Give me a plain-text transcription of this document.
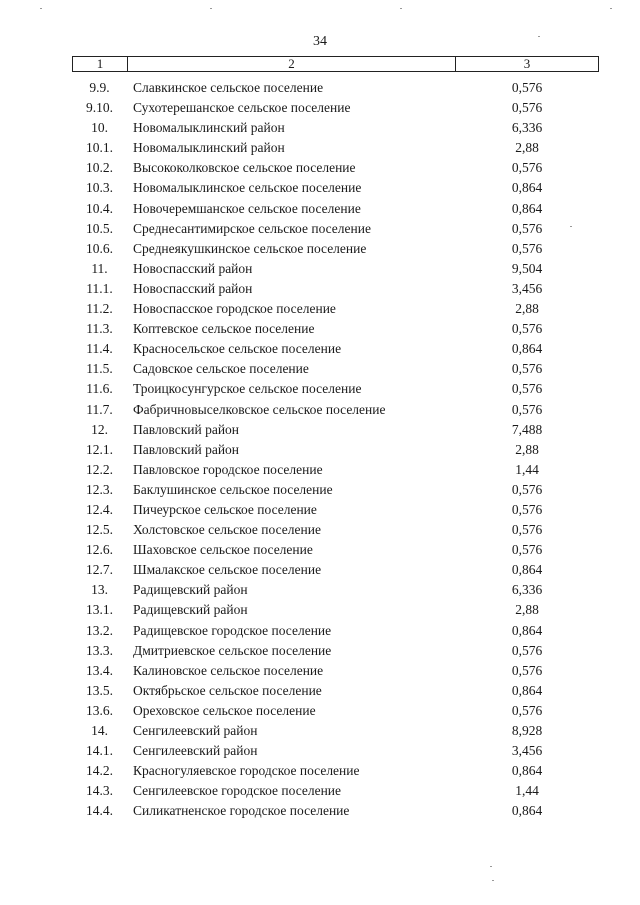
34
1	2	3
9.9.	Славкинское сельское поселение	0,576
9.10.	Сухотерешанское сельское поселение	0,576
10.	Новомалыклинский район	6,336
10.1.	Новомалыклинский район	2,88
10.2.	Высококолковское сельское поселение	0,576
10.3.	Новомалыклинское сельское поселение	0,864
10.4.	Новочеремшанское сельское поселение	0,864
10.5.	Среднесантимирское сельское поселение	0,576
10.6.	Среднеякушкинское сельское поселение	0,576
11.	Новоспасский район	9,504
11.1.	Новоспасский район	3,456
11.2.	Новоспасское городское поселение	2,88
11.3.	Коптевское сельское поселение	0,576
11.4.	Красносельское сельское поселение	0,864
11.5.	Садовское сельское поселение	0,576
11.6.	Троицкосунгурское сельское поселение	0,576
11.7.	Фабричновыселковское сельское поселение	0,576
12.	Павловский район	7,488
12.1.	Павловский район	2,88
12.2.	Павловское городское поселение	1,44
12.3.	Баклушинское сельское поселение	0,576
12.4.	Пичеурское сельское поселение	0,576
12.5.	Холстовское сельское поселение	0,576
12.6.	Шаховское сельское поселение	0,576
12.7.	Шмалакское сельское поселение	0,864
13.	Радищевский район	6,336
13.1.	Радищевский район	2,88
13.2.	Радищевское городское поселение	0,864
13.3.	Дмитриевское сельское поселение	0,576
13.4.	Калиновское сельское поселение	0,576
13.5.	Октябрьское сельское поселение	0,864
13.6.	Ореховское сельское поселение	0,576
14.	Сенгилеевский район	8,928
14.1.	Сенгилеевский район	3,456
14.2.	Красногуляевское городское поселение	0,864
14.3.	Сенгилеевское городское поселение	1,44
14.4.	Силикатненское городское поселение	0,864
